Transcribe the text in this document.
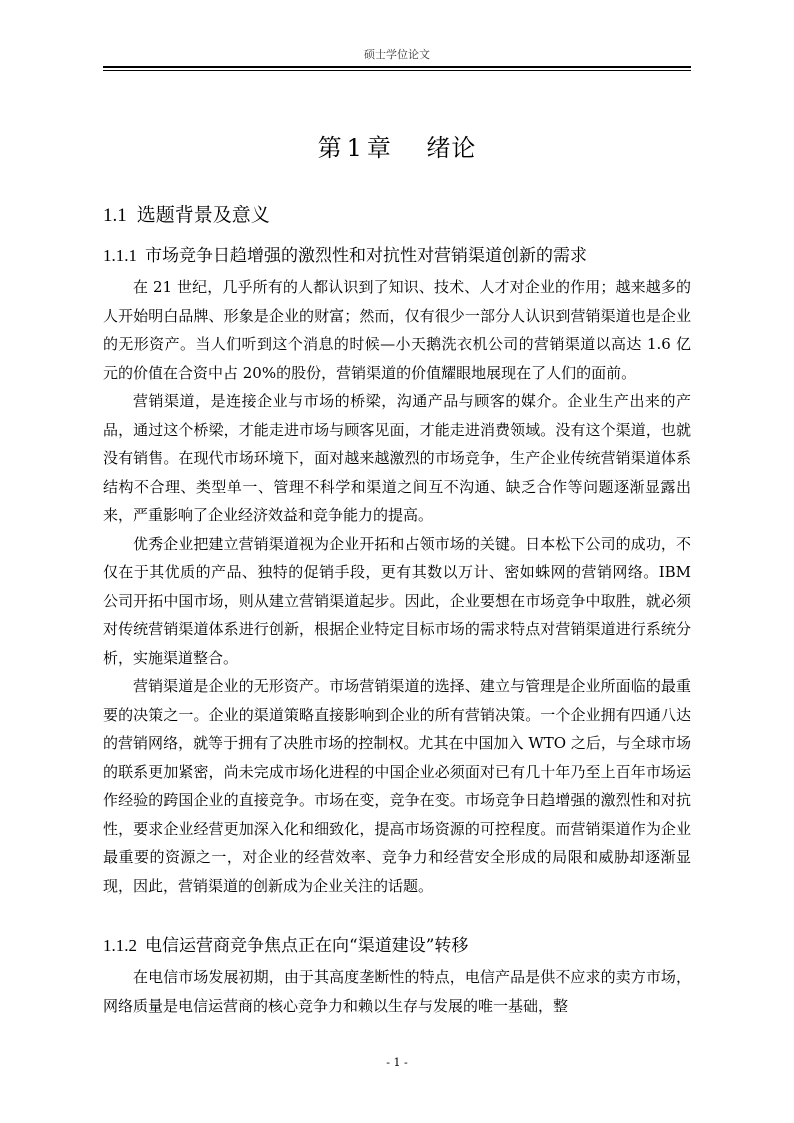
硕士学位论文
第 1 章 绪论
1.1 选题背景及意义
1.1.1 市场竞争日趋增强的激烈性和对抗性对营销渠道创新的需求

在 21 世纪，几乎所有的人都认识到了知识、技术、人才对企业的作用；越来越多的人开始明白品牌、形象是企业的财富；然而，仅有很少一部分人认识到营销渠道也是企业的无形资产。当人们听到这个消息的时候—小天鹅洗衣机公司的营销渠道以高达 1.6 亿元的价值在合资中占 20%的股份，营销渠道的价值耀眼地展现在了人们的面前。

营销渠道，是连接企业与市场的桥梁，沟通产品与顾客的媒介。企业生产出来的产品，通过这个桥梁，才能走进市场与顾客见面，才能走进消费领域。没有这个渠道，也就没有销售。在现代市场环境下，面对越来越激烈的市场竞争，生产企业传统营销渠道体系结构不合理、类型单一、管理不科学和渠道之间互不沟通、缺乏合作等问题逐渐显露出来，严重影响了企业经济效益和竞争能力的提高。

优秀企业把建立营销渠道视为企业开拓和占领市场的关键。日本松下公司的成功，不仅在于其优质的产品、独特的促销手段，更有其数以万计、密如蛛网的营销网络。IBM 公司开拓中国市场，则从建立营销渠道起步。因此，企业要想在市场竞争中取胜，就必须对传统营销渠道体系进行创新，根据企业特定目标市场的需求特点对营销渠道进行系统分析，实施渠道整合。

营销渠道是企业的无形资产。市场营销渠道的选择、建立与管理是企业所面临的最重要的决策之一。企业的渠道策略直接影响到企业的所有营销决策。一个企业拥有四通八达的营销网络，就等于拥有了决胜市场的控制权。尤其在中国加入 WTO 之后，与全球市场的联系更加紧密，尚未完成市场化进程的中国企业必须面对已有几十年乃至上百年市场运作经验的跨国企业的直接竞争。市场在变，竞争在变。市场竞争日趋增强的激烈性和对抗性，要求企业经营更加深入化和细致化，提高市场资源的可控程度。而营销渠道作为企业最重要的资源之一，对企业的经营效率、竞争力和经营安全形成的局限和威胁却逐渐显现，因此，营销渠道的创新成为企业关注的话题。

1.1.2 电信运营商竞争焦点正在向“渠道建设”转移

在电信市场发展初期，由于其高度垄断性的特点，电信产品是供不应求的卖方市场，网络质量是电信运营商的核心竞争力和赖以生存与发展的唯一基础，整

- 1 -
